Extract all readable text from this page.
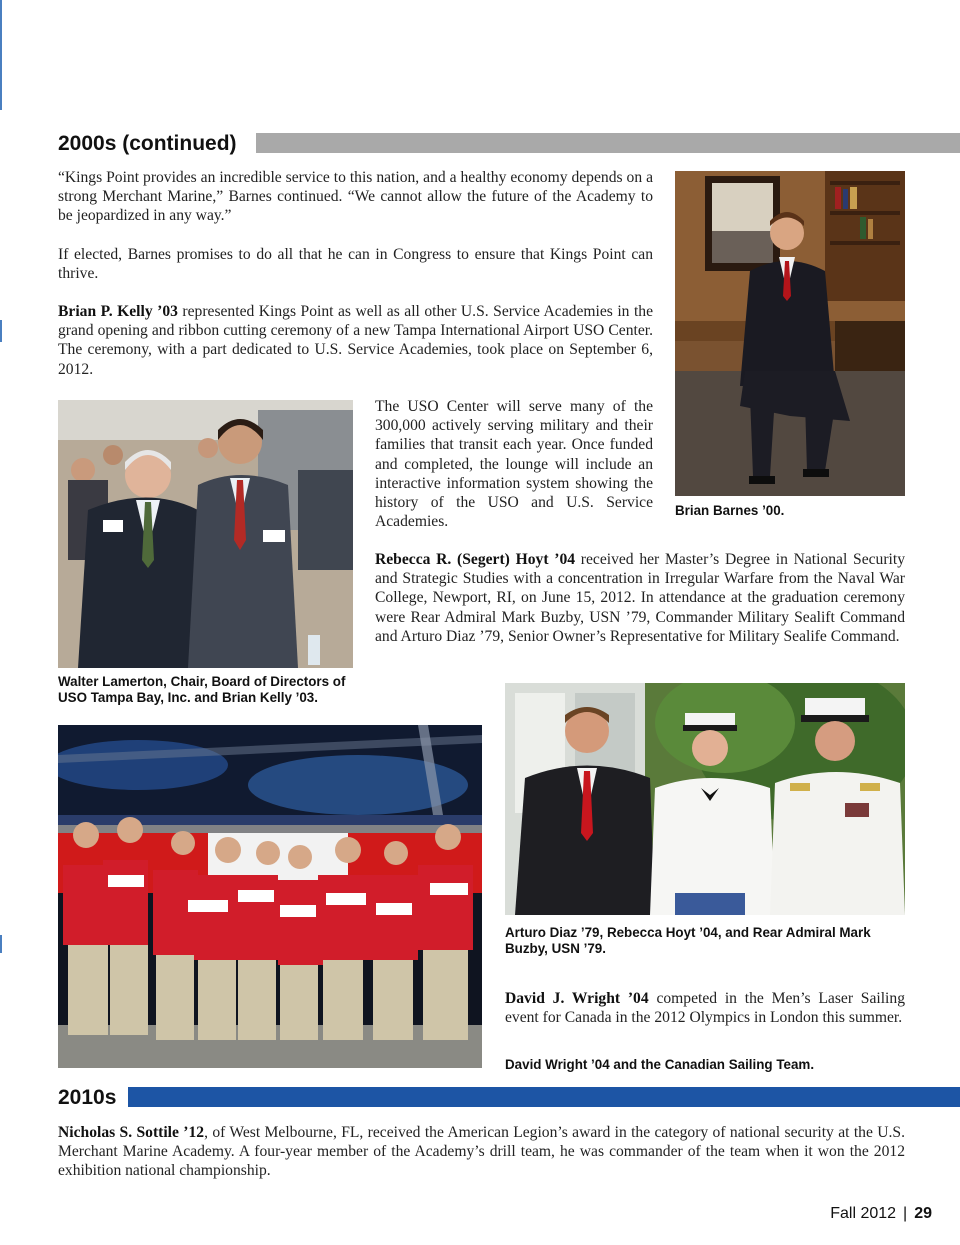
2000s (continued)

“Kings Point provides an incredible service to this nation, and a healthy economy depends on a strong Merchant Marine,” Barnes continued. “We cannot allow the future of the Academy to be jeopardized in any way.”

If elected, Barnes promises to do all that he can in Congress to ensure that Kings Point can thrive.

Brian P. Kelly ’03 represented Kings Point as well as all other U.S. Service Academies in the grand opening and ribbon cutting ceremony of a new Tampa International Airport USO Center. The ceremony, with a part dedicated to U.S. Service Academies, took place on September 6, 2012.

Brian Barnes ’00.

Walter Lamerton, Chair, Board of Directors of USO Tampa Bay, Inc. and Brian Kelly ’03.

The USO Center will serve many of the 300,000 actively serving military and their families that transit each year. Once funded and completed, the lounge will include an interactive information system showing the history of the USO and U.S. Service Academies.

Rebecca R. (Segert) Hoyt ’04 received her Master’s Degree in National Security and Strategic Studies with a concentration in Irregular Warfare from the Naval War College, Newport, RI, on June 15, 2012. In attendance at the graduation ceremony were Rear Admiral Mark Buzby, USN ’79, Commander Military Sealift Command and Arturo Diaz ’79, Senior Owner’s Representative for Military Sealife Command.

Arturo Diaz ’79, Rebecca Hoyt ’04, and Rear Admiral Mark Buzby, USN ’79.

David J. Wright ’04 competed in the Men’s Laser Sailing event for Canada in the 2012 Olympics in London this summer.

David Wright ’04 and the Canadian Sailing Team.

2010s

Nicholas S. Sottile ’12, of West Melbourne, FL, received the American Legion’s award in the category of national security at the U.S. Merchant Marine Academy. A four-year member of the Academy’s drill team, he was commander of the team when it won the 2012 exhibition national championship.

Fall 2012 | 29
